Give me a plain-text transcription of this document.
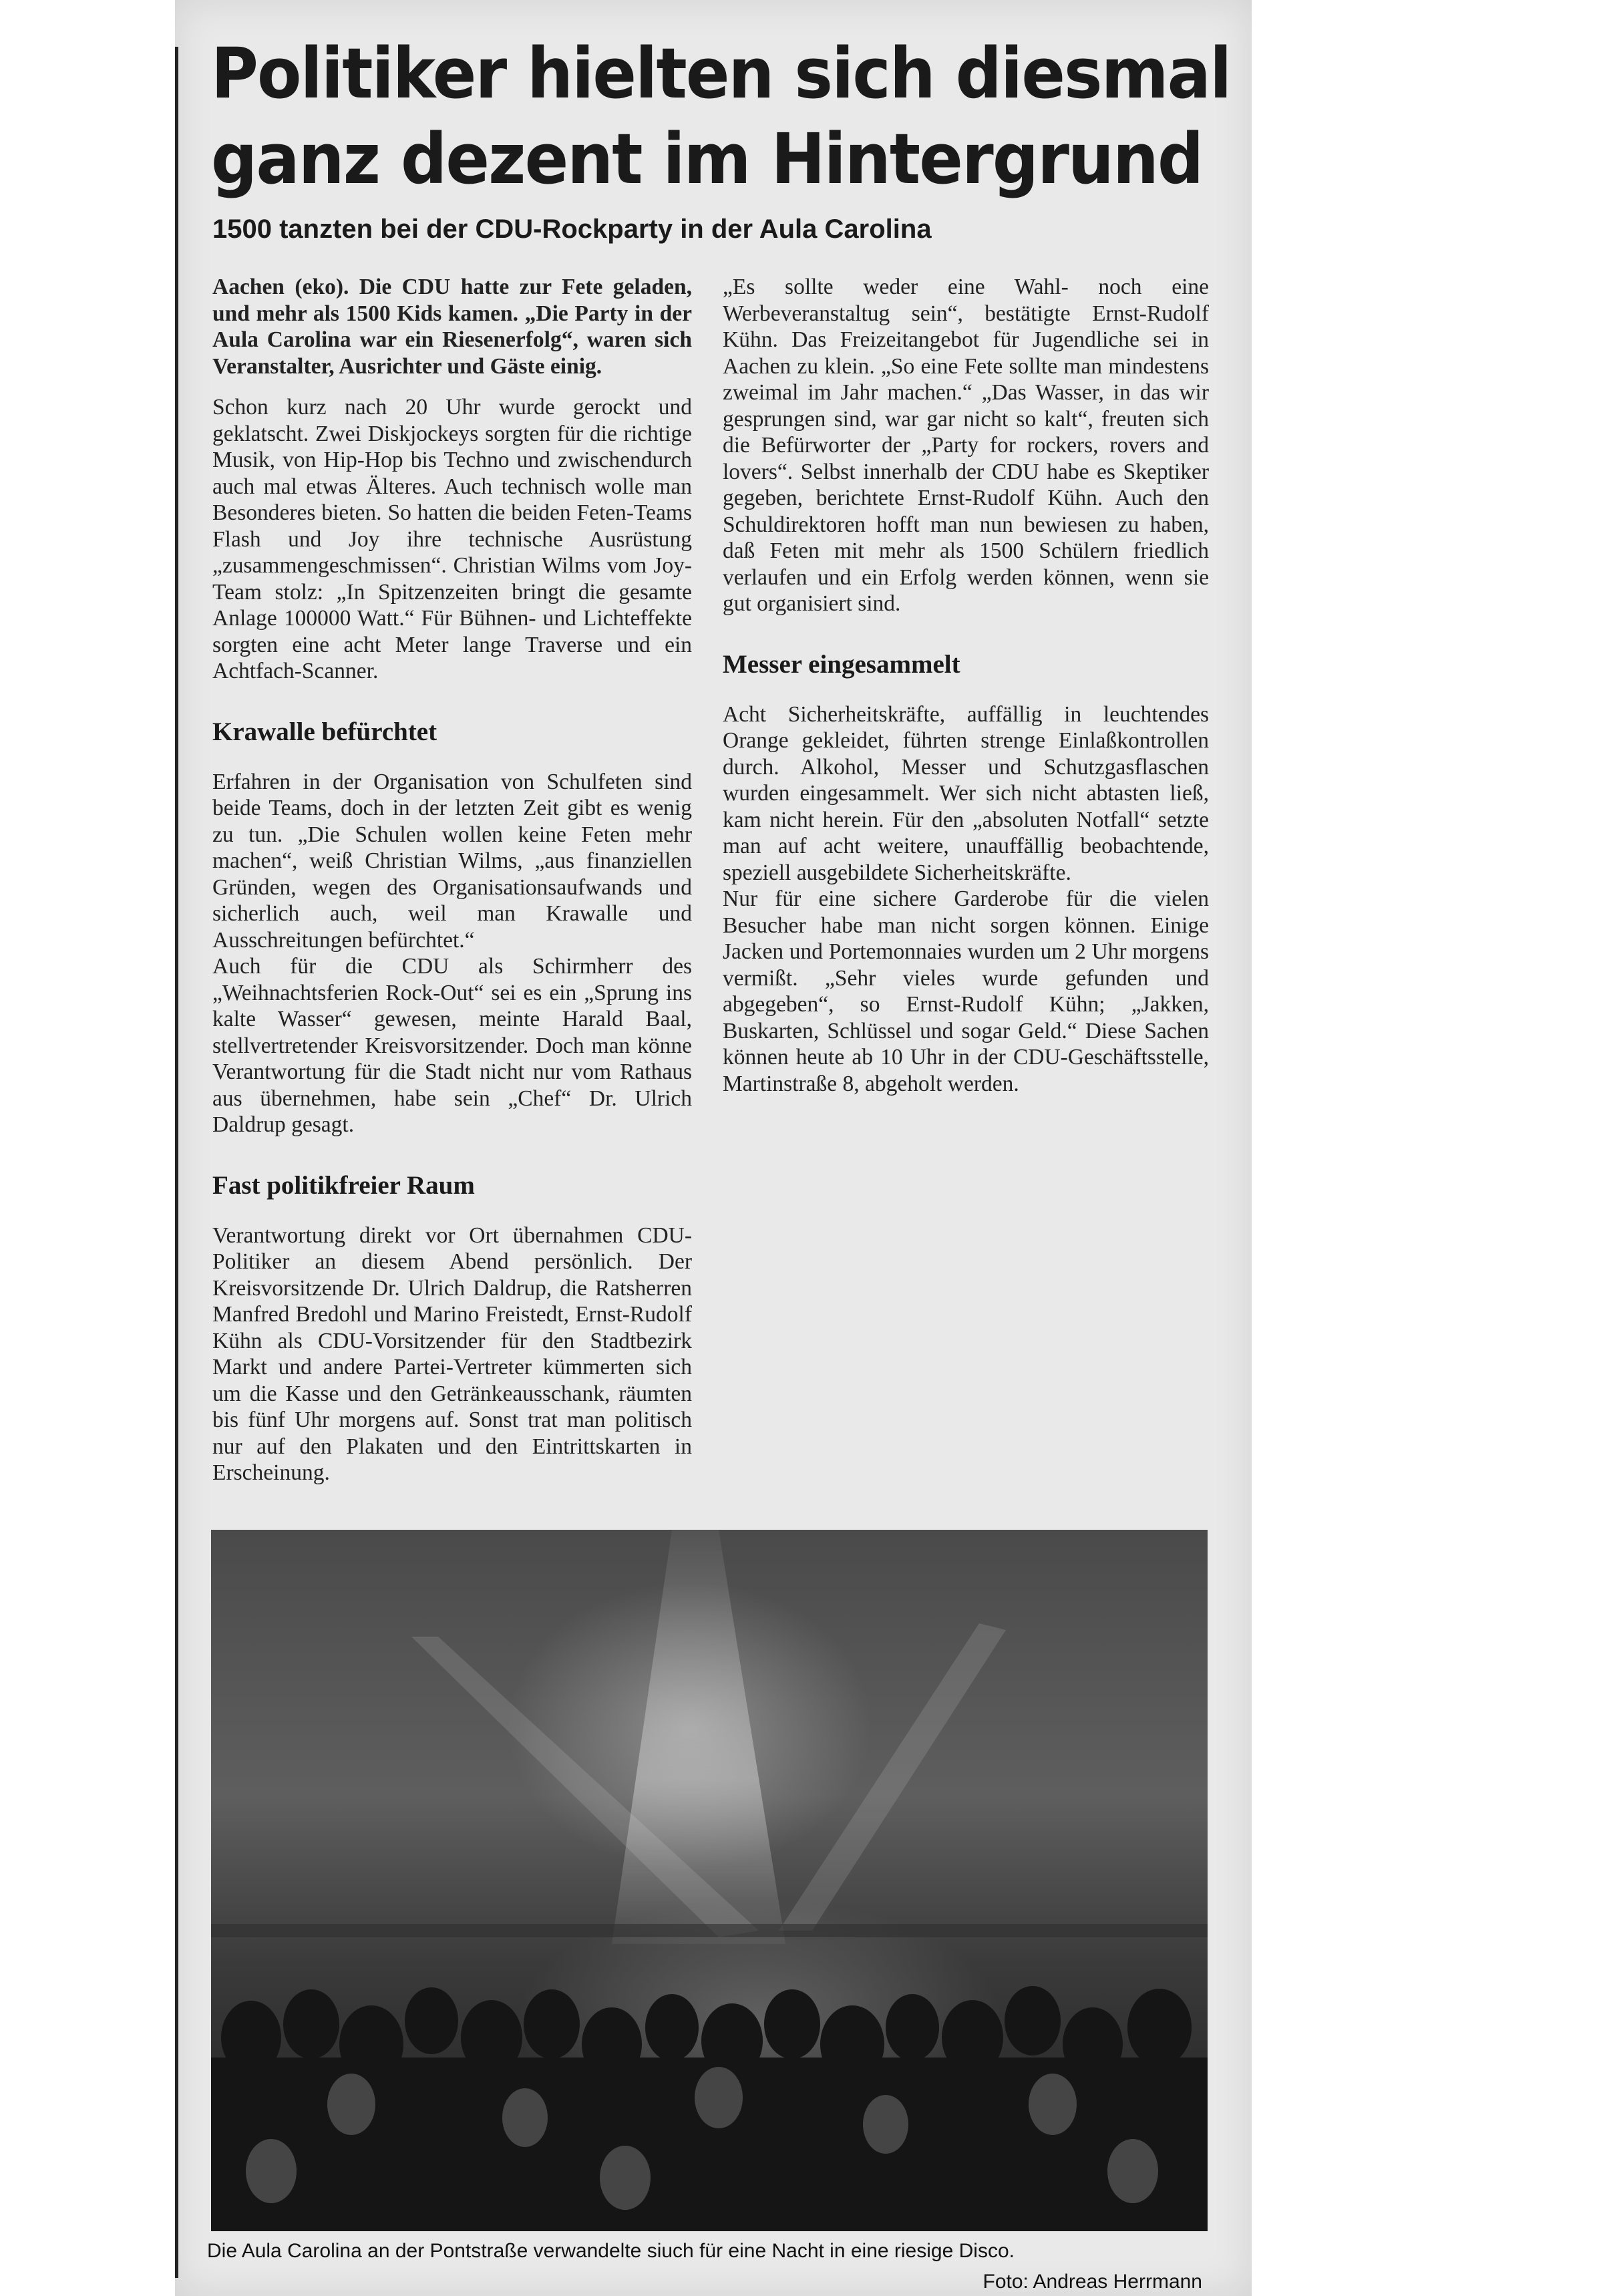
Politiker hielten sich diesmal
ganz dezent im Hintergrund
1500 tanzten bei der CDU-Rockparty in der Aula Carolina

Aachen (eko). Die CDU hatte zur Fete geladen, und mehr als 1500 Kids kamen. „Die Party in der Aula Carolina war ein Riesenerfolg“, waren sich Veranstalter, Ausrichter und Gäste einig.

Schon kurz nach 20 Uhr wurde gerockt und geklatscht. Zwei Diskjockeys sorgten für die richtige Musik, von Hip-Hop bis Techno und zwischendurch auch mal etwas Älteres. Auch technisch wolle man Besonderes bieten. So hatten die beiden Feten-Teams Flash und Joy ihre technische Ausrüstung „zusammengeschmissen“. Christian Wilms vom Joy-Team stolz: „In Spitzenzeiten bringt die gesamte Anlage 100000 Watt.“ Für Bühnen- und Lichteffekte sorgten eine acht Meter lange Traverse und ein Achtfach-Scanner.

Krawalle befürchtet

Erfahren in der Organisation von Schulfeten sind beide Teams, doch in der letzten Zeit gibt es wenig zu tun. „Die Schulen wollen keine Feten mehr machen“, weiß Christian Wilms, „aus finanziellen Gründen, wegen des Organisationsaufwands und sicherlich auch, weil man Krawalle und Ausschreitungen befürchtet.“

Auch für die CDU als Schirmherr des „Weihnachtsferien Rock-Out“ sei es ein „Sprung ins kalte Wasser“ gewesen, meinte Harald Baal, stellvertretender Kreisvorsitzender. Doch man könne Verantwortung für die Stadt nicht nur vom Rathaus aus übernehmen, habe sein „Chef“ Dr. Ulrich Daldrup gesagt.

Fast politikfreier Raum

Verantwortung direkt vor Ort übernahmen CDU-Politiker an diesem Abend persönlich. Der Kreisvorsitzende Dr. Ulrich Daldrup, die Ratsherren Manfred Bredohl und Marino Freistedt, Ernst-Rudolf Kühn als CDU-Vorsitzender für den Stadtbezirk Markt und andere Partei-Vertreter kümmerten sich um die Kasse und den Getränkeausschank, räumten bis fünf Uhr morgens auf. Sonst trat man politisch nur auf den Plakaten und den Eintrittskarten in Erscheinung.

„Es sollte weder eine Wahl- noch eine Werbeveranstaltug sein“, bestätigte Ernst-Rudolf Kühn. Das Freizeitangebot für Jugendliche sei in Aachen zu klein. „So eine Fete sollte man mindestens zweimal im Jahr machen.“ „Das Wasser, in das wir gesprungen sind, war gar nicht so kalt“, freuten sich die Befürworter der „Party for rockers, rovers and lovers“. Selbst innerhalb der CDU habe es Skeptiker gegeben, berichtete Ernst-Rudolf Kühn. Auch den Schuldirektoren hofft man nun bewiesen zu haben, daß Feten mit mehr als 1500 Schülern friedlich verlaufen und ein Erfolg werden können, wenn sie gut organisiert sind.

Messer eingesammelt

Acht Sicherheitskräfte, auffällig in leuchtendes Orange gekleidet, führten strenge Einlaßkontrollen durch. Alkohol, Messer und Schutzgasflaschen wurden eingesammelt. Wer sich nicht abtasten ließ, kam nicht herein. Für den „absoluten Notfall“ setzte man auf acht weitere, unauffällig beobachtende, speziell ausgebildete Sicherheitskräfte.

Nur für eine sichere Garderobe für die vielen Besucher habe man nicht sorgen können. Einige Jacken und Portemonnaies wurden um 2 Uhr morgens vermißt. „Sehr vieles wurde gefunden und abgegeben“, so Ernst-Rudolf Kühn; „Jakken, Buskarten, Schlüssel und sogar Geld.“ Diese Sachen können heute ab 10 Uhr in der CDU-Geschäftsstelle, Martinstraße 8, abgeholt werden.

Die Aula Carolina an der Pontstraße verwandelte siuch für eine Nacht in eine riesige Disco.

Foto: Andreas Herrmann
